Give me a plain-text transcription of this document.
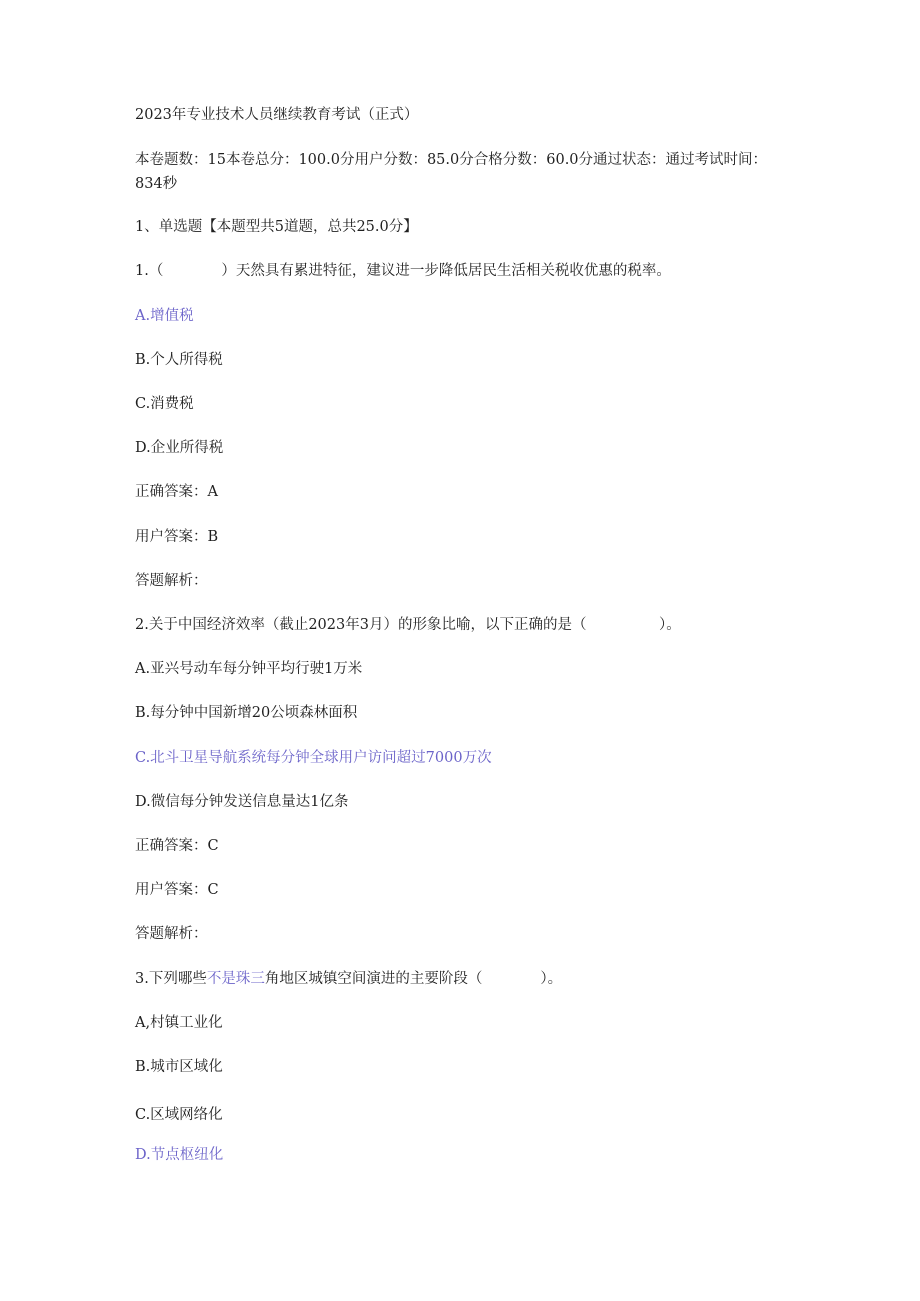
2023年专业技术人员继续教育考试（正式）
本卷题数：15本卷总分：100.0分用户分数：85.0分合格分数：60.0分通过状态：通过考试时间：834秒
1、单选题【本题型共5道题，总共25.0分】
1.（　　　　）天然具有累进特征，建议进一步降低居民生活相关税收优惠的税率。
A.增值税
B.个人所得税
C.消费税
D.企业所得税
正确答案：A
用户答案：B
答题解析：
2.关于中国经济效率（截止2023年3月）的形象比喻，以下正确的是（　　　　　）。
A.亚兴号动车每分钟平均行驶1万米
B.每分钟中国新增20公顷森林面积
C.北斗卫星导航系统每分钟全球用户访问超过7000万次
D.微信每分钟发送信息量达1亿条
正确答案：C
用户答案：C
答题解析：
3.下列哪些不是珠三角地区城镇空间演进的主要阶段（　　　　）。
A,村镇工业化
B.城市区域化
C.区域网络化
D.节点枢纽化
